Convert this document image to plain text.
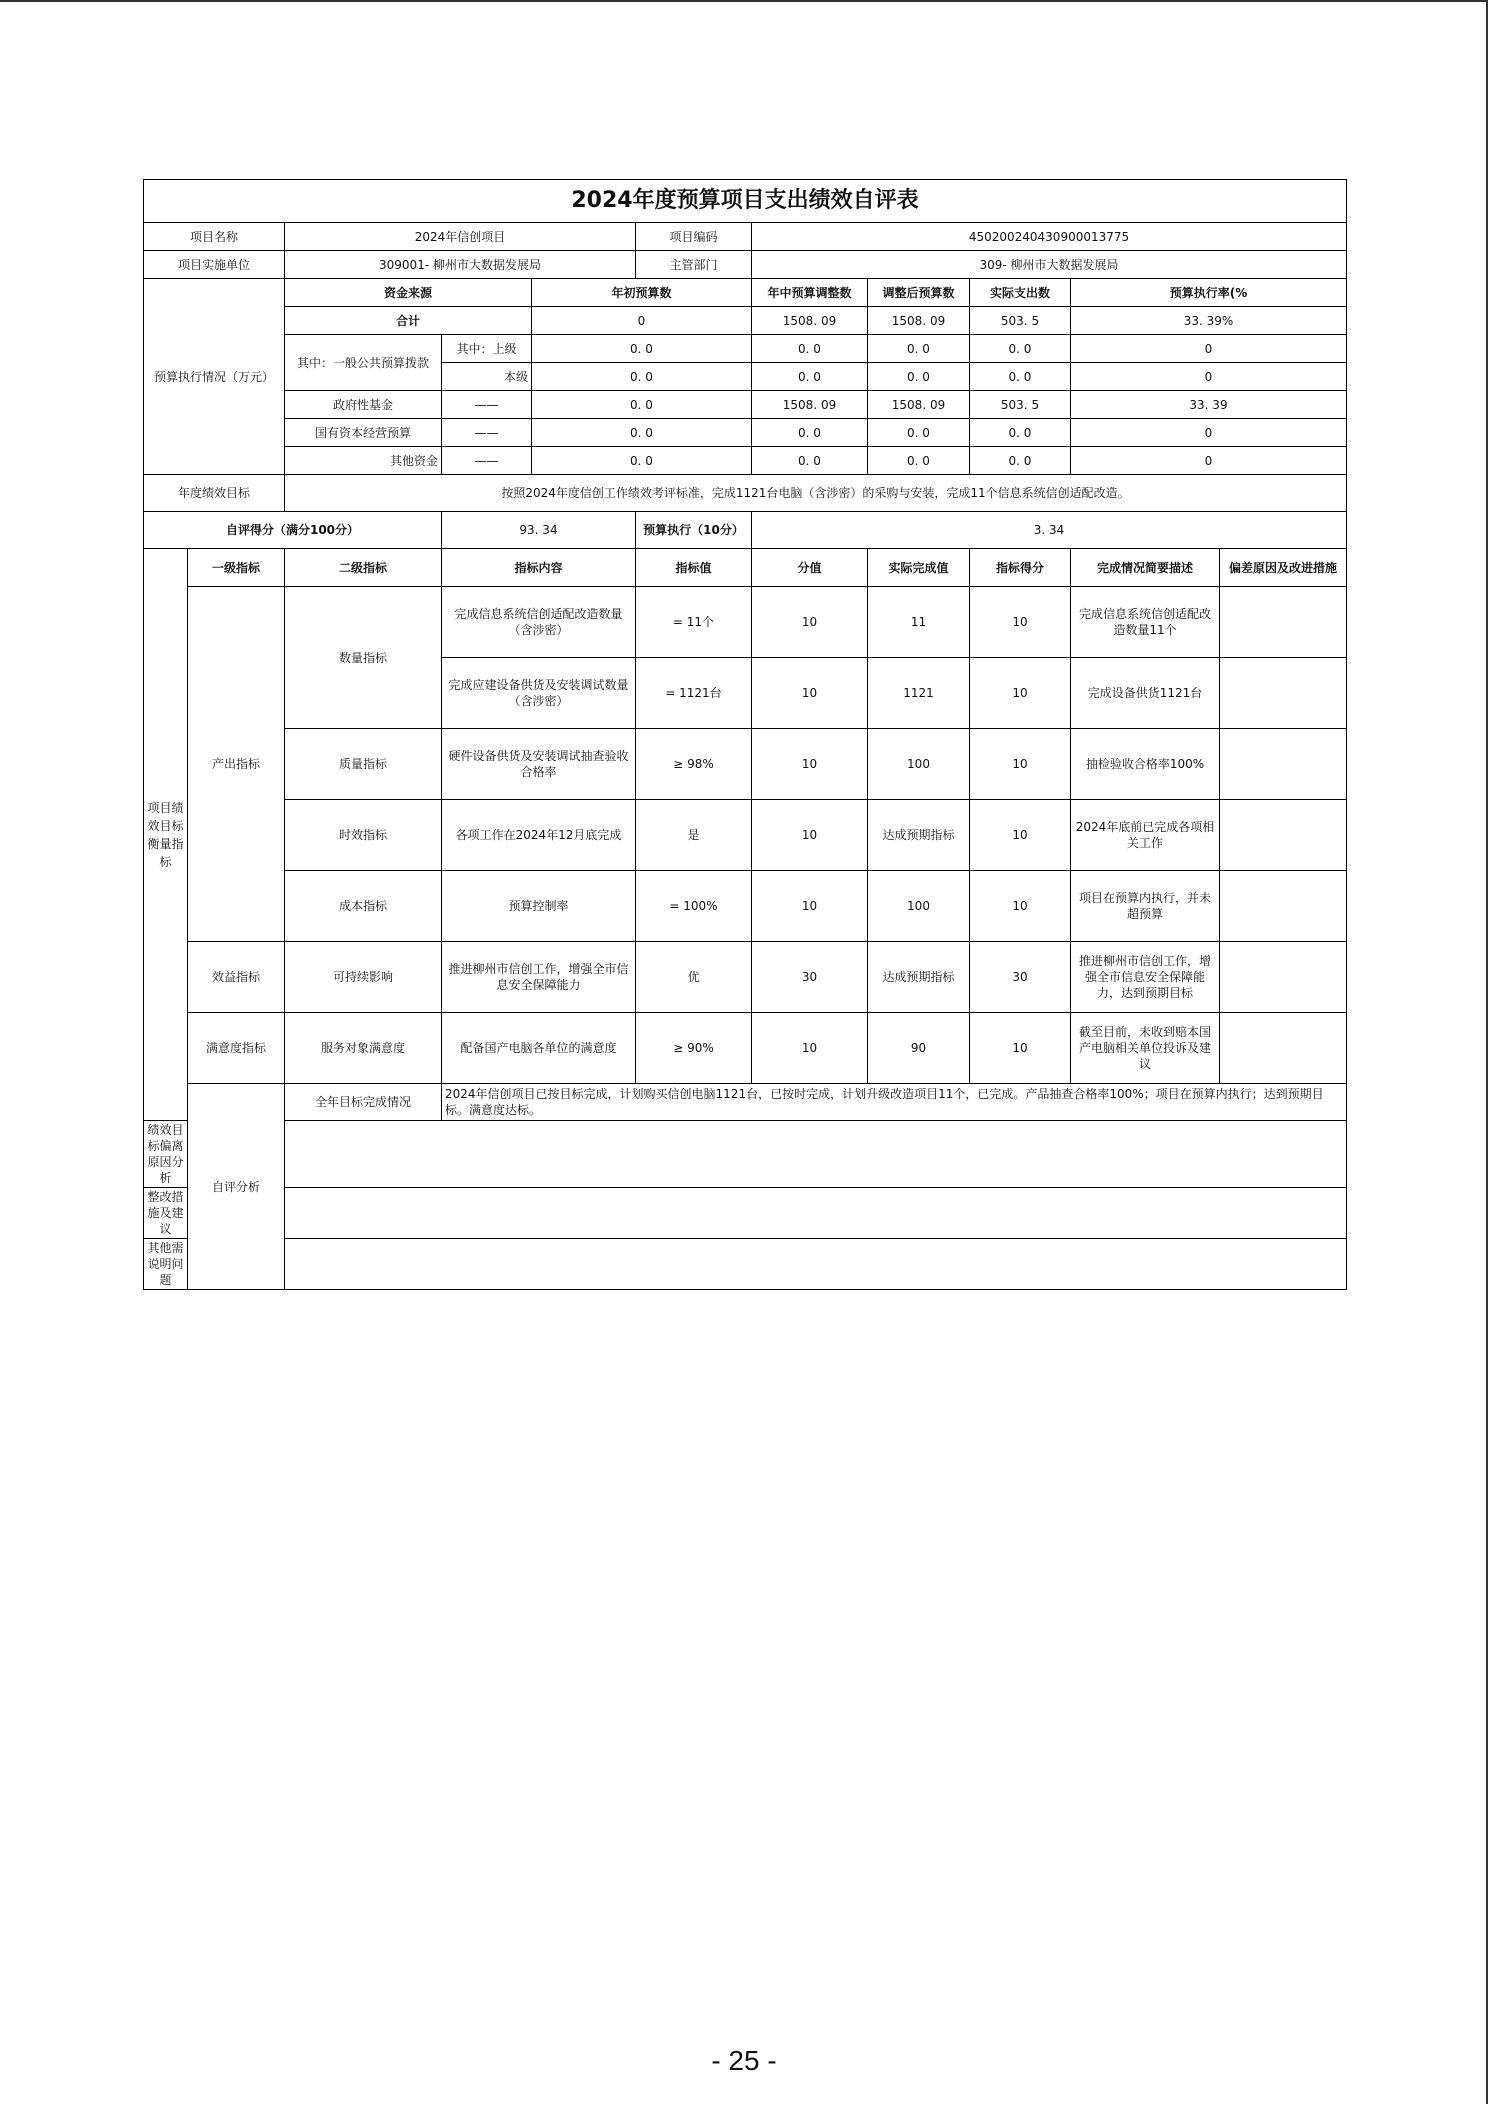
2024年度预算项目支出绩效自评表										
项目名称		2024年信创项目			项目编码	450200240430900013775				
项目实施单位		309001- 柳州市大数据发展局			主管部门	309- 柳州市大数据发展局				
预算执行情况（万元）		资金来源		年初预算数		年中预算调整数	调整后预算数	实际支出数	预算执行率(%	
		合计		0		1508. 09	1508. 09	503. 5	33. 39%	
		其中：一般公共预算拨款	其中：上级	0. 0		0. 0	0. 0	0. 0	0	
			本级	0. 0		0. 0	0. 0	0. 0	0	
		政府性基金	——	0. 0		1508. 09	1508. 09	503. 5	33. 39	
		国有资本经营预算	——	0. 0		0. 0	0. 0	0. 0	0	
		其他资金	——	0. 0		0. 0	0. 0	0. 0	0	
年度绩效目标		按照2024年度信创工作绩效考评标准，完成1121台电脑（含涉密）的采购与安装，完成11个信息系统信创适配改造。								
自评得分（满分100分）			93. 34		预算执行（10分）	3. 34				
项目绩效目标衡量指标	一级指标	二级指标	指标内容		指标值	分值	实际完成值	指标得分	完成情况简要描述	偏差原因及改进措施
	产出指标	数量指标	完成信息系统信创适配改造数量（含涉密）		= 11个	10	11	10	完成信息系统信创适配改造数量11个	
			完成应建设备供货及安装调试数量（含涉密）		= 1121台	10	1121	10	完成设备供货1121台	
		质量指标	硬件设备供货及安装调试抽查验收合格率		≥ 98%	10	100	10	抽检验收合格率100%	
		时效指标	各项工作在2024年12月底完成		是	10	达成预期指标	10	2024年底前已完成各项相关工作	
		成本指标	预算控制率		= 100%	10	100	10	项目在预算内执行，并未超预算	
	效益指标	可持续影响	推进柳州市信创工作，增强全市信息安全保障能力		优	30	达成预期指标	30	推进柳州市信创工作，增强全市信息安全保障能力，达到预期目标	
	满意度指标	服务对象满意度	配备国产电脑各单位的满意度		≥ 90%	10	90	10	截至目前，未收到赔本国产电脑相关单位投诉及建议	
	自评分析	全年目标完成情况	2024年信创项目已按目标完成，计划购买信创电脑1121台，已按时完成，计划升级改造项目11个，已完成。产品抽查合格率100%；项目在预算内执行；达到预期目标。满意度达标。							
绩效目标偏离原因分析										
整改措施及建议										
其他需说明问题										
- 25 -
